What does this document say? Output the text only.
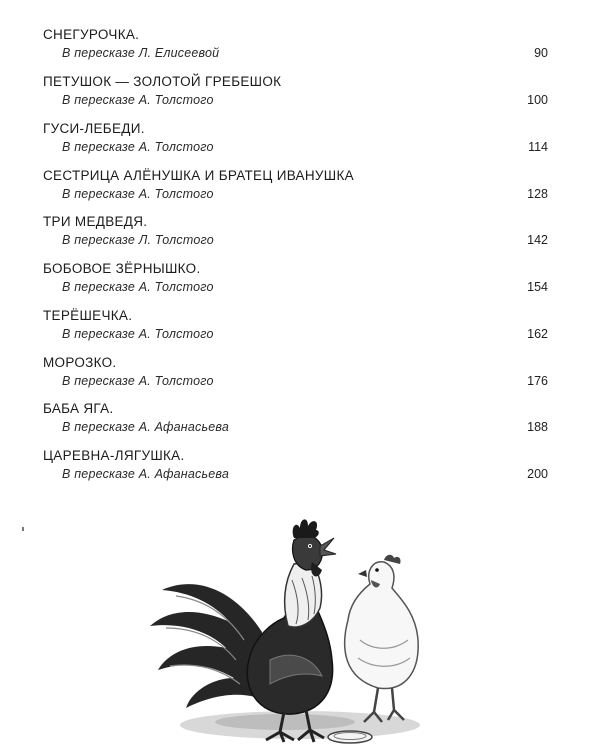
СНЕГУРОЧКА.
В пересказе Л. Елисеевой	90
ПЕТУШОК — ЗОЛОТОЙ ГРЕБЕШОК
В пересказе А. Толстого	100
ГУСИ-ЛЕБЕДИ.
В пересказе А. Толстого	114
СЕСТРИЦА АЛЁНУШКА И БРАТЕЦ ИВАНУШКА
В пересказе А. Толстого	128
ТРИ МЕДВЕДЯ.
В пересказе Л. Толстого	142
БОБОВОЕ ЗЁРНЫШКО.
В пересказе А. Толстого	154
ТЕРЁШЕЧКА.
В пересказе А. Толстого	162
МОРОЗКО.
В пересказе А. Толстого	176
БАБА ЯГА.
В пересказе А. Афанасьева	188
ЦАРЕВНА-ЛЯГУШКА.
В пересказе А. Афанасьева	200
